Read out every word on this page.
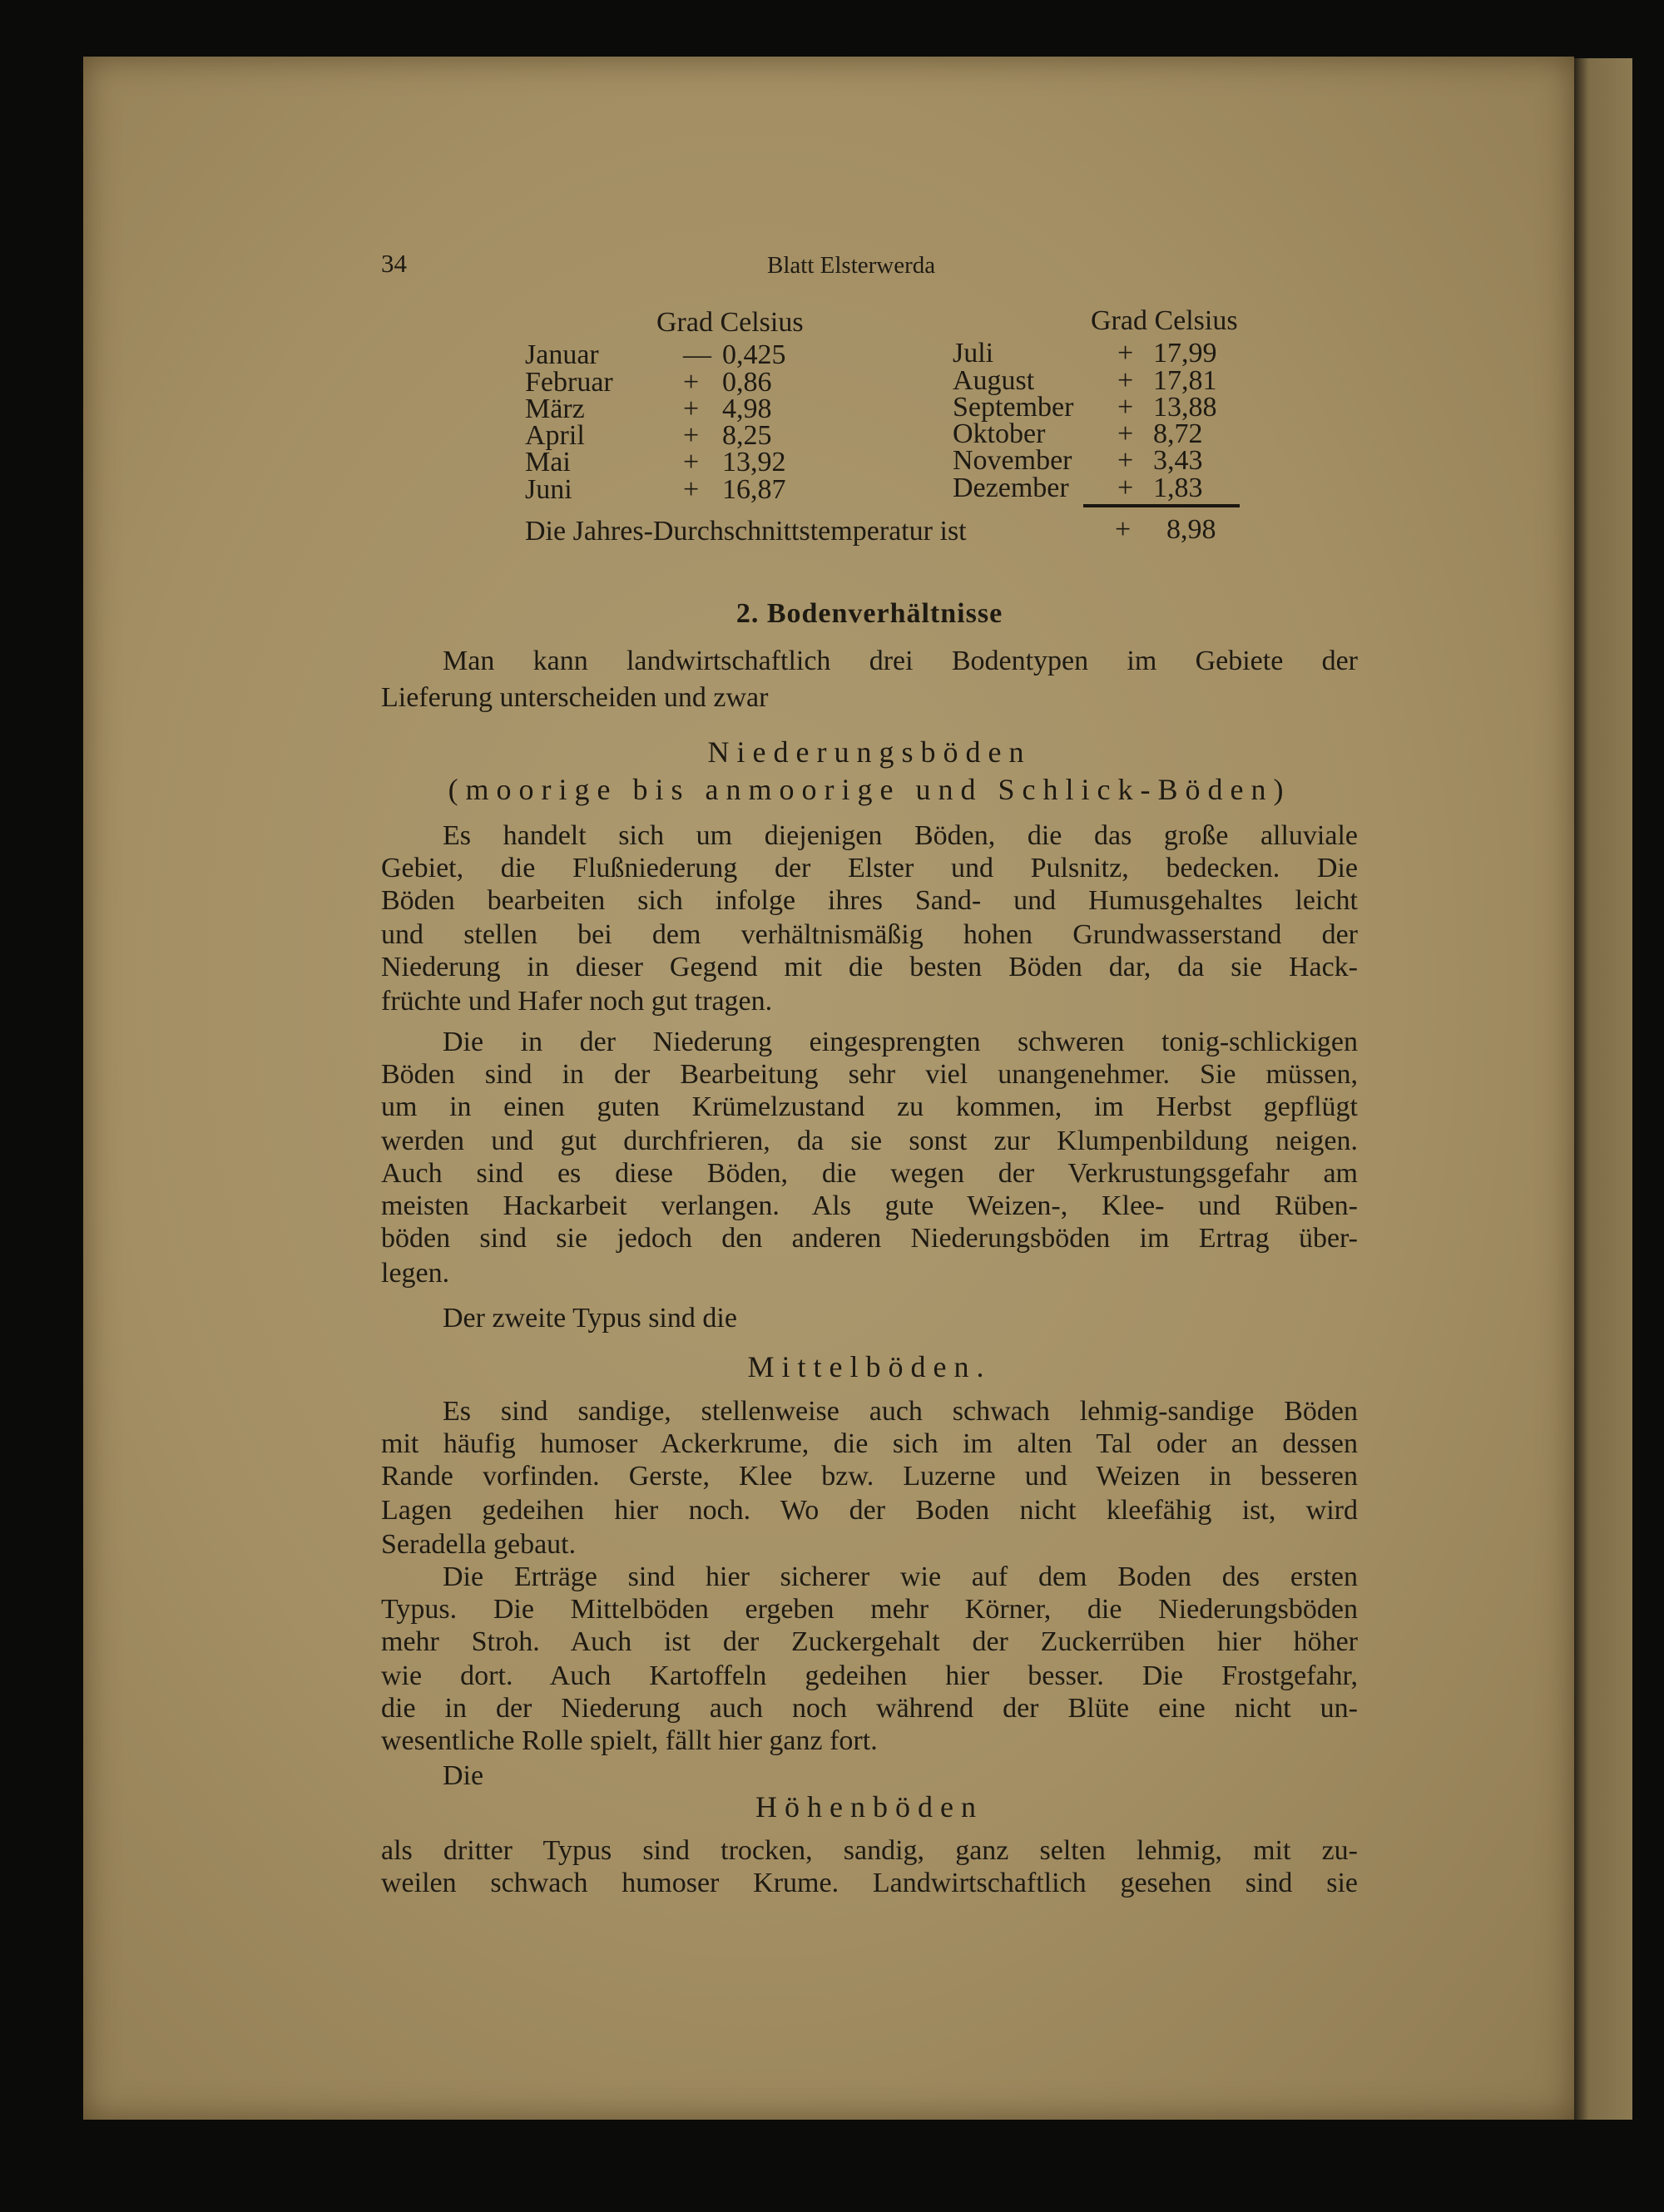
34	Blatt Elsterwerda
Grad Celsius	Grad Celsius
Januar	— 0,425
Februar + 0,86
März	+ 4,98
April	+ 8,25
Mai	+ 13,92
Juni	+ 16,87
Juli	+ 17,99
August	+ 17,81
September + 13,88
Oktober	+ 8,72
November + 3,43
Dezember + 1,83
Die Jahres-Durchschnittstemperatur ist	+ 8,98
2. Bodenverhältnisse
Man kann landwirtschaftlich drei Bodentypen im Gebiete der
Lieferung unterscheiden und zwar
Niederungsböden
(moorige bis anmoorige und Schlick-Böden)
Es handelt sich um diejenigen Böden, die das große alluviale
Gebiet, die Flußniederung der Elster und Pulsnitz, bedecken. Die
Böden bearbeiten sich infolge ihres Sand- und Humusgehaltes leicht
und stellen bei dem verhältnismäßig hohen Grundwasserstand der
Niederung in dieser Gegend mit die besten Böden dar, da sie Hack-
früchte und Hafer noch gut tragen.
Die in der Niederung eingesprengten schweren tonig-schlickigen
Böden sind in der Bearbeitung sehr viel unangenehmer. Sie müssen,
um in einen guten Krümelzustand zu kommen, im Herbst gepflügt
werden und gut durchfrieren, da sie sonst zur Klumpenbildung neigen.
Auch sind es diese Böden, die wegen der Verkrustungsgefahr am
meisten Hackarbeit verlangen. Als gute Weizen-, Klee- und Rüben-
böden sind sie jedoch den anderen Niederungsböden im Ertrag über-
legen.
Der zweite Typus sind die
Mittelböden.
Es sind sandige, stellenweise auch schwach lehmig-sandige Böden
mit häufig humoser Ackerkrume, die sich im alten Tal oder an dessen
Rande vorfinden. Gerste, Klee bzw. Luzerne und Weizen in besseren
Lagen gedeihen hier noch. Wo der Boden nicht kleefähig ist, wird
Seradella gebaut.
Die Erträge sind hier sicherer wie auf dem Boden des ersten
Typus. Die Mittelböden ergeben mehr Körner, die Niederungsböden
mehr Stroh. Auch ist der Zuckergehalt der Zuckerrüben hier höher
wie dort. Auch Kartoffeln gedeihen hier besser. Die Frostgefahr,
die in der Niederung auch noch während der Blüte eine nicht un-
wesentliche Rolle spielt, fällt hier ganz fort.
Die
Höhenböden
als dritter Typus sind trocken, sandig, ganz selten lehmig, mit zu-
weilen schwach humoser Krume. Landwirtschaftlich gesehen sind sie
